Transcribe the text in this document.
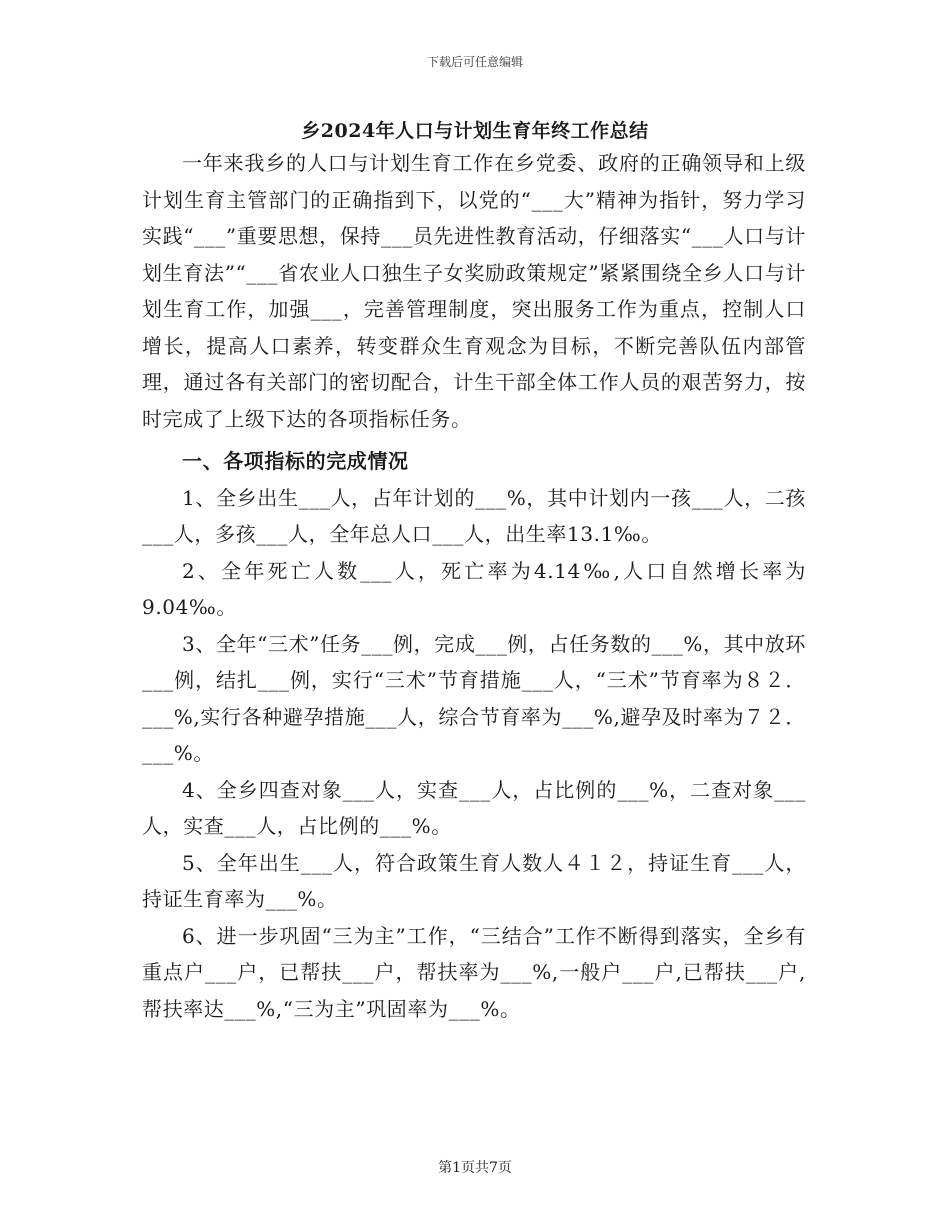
下载后可任意编辑
乡2024年人口与计划生育年终工作总结

一年来我乡的人口与计划生育工作在乡党委、政府的正确领导和上级计划生育主管部门的正确指到下，以党的“___大”精神为指针，努力学习实践“___”重要思想，保持___员先进性教育活动，仔细落实“___人口与计划生育法”“___省农业人口独生子女奖励政策规定”紧紧围绕全乡人口与计划生育工作，加强___，完善管理制度，突出服务工作为重点，控制人口增长，提高人口素养，转变群众生育观念为目标，不断完善队伍内部管理，通过各有关部门的密切配合，计生干部全体工作人员的艰苦努力，按时完成了上级下达的各项指标任务。

一、各项指标的完成情况

1、全乡出生___人，占年计划的___%，其中计划内一孩___人，二孩___人，多孩___人，全年总人口___人，出生率13.1‰。

2、全年死亡人数___人，死亡率为4.14‰,人口自然增长率为9.04‰。

3、全年“三术”任务___例，完成___例，占任务数的___%，其中放环___例，结扎___例，实行“三术”节育措施___人，“三术”节育率为８２．___%,实行各种避孕措施___人，综合节育率为___%,避孕及时率为７２．___%。

4、全乡四查对象___人，实查___人，占比例的___%，二查对象___人，实查___人，占比例的___%。

5、全年出生___人，符合政策生育人数人４１２，持证生育___人，持证生育率为___%。

6、进一步巩固“三为主”工作，“三结合”工作不断得到落实，全乡有重点户___户，已帮扶___户，帮扶率为___%,一般户___户,已帮扶___户,帮扶率达___%,“三为主”巩固率为___%。

第1页共7页
